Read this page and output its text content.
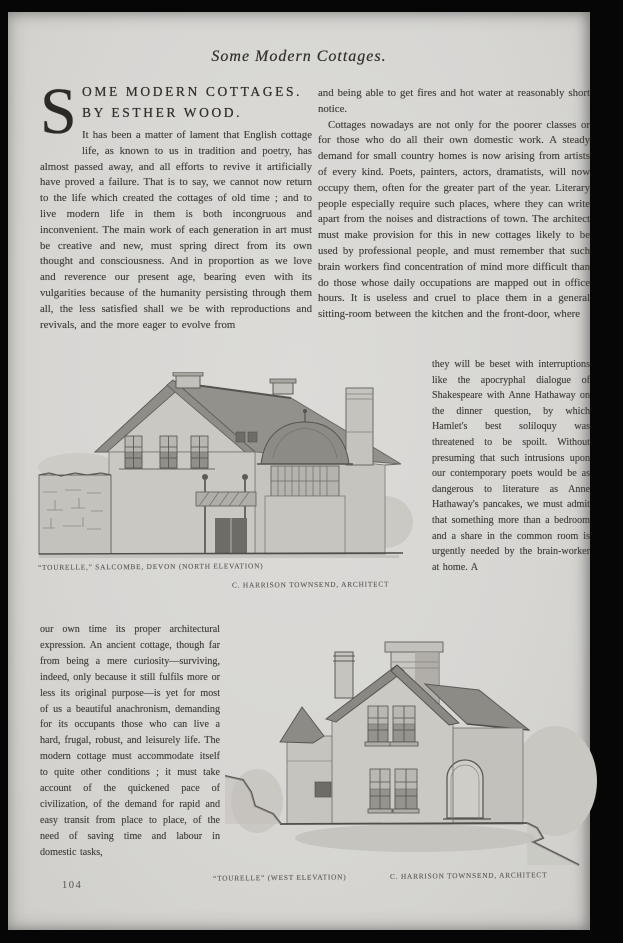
Some Modern Cottages.
S OME MODERN COTTAGES.
BY ESTHER WOOD.

It has been a matter of lament that English cottage life, as known to us in tradition and poetry, has almost passed away, and all efforts to revive it artificially have proved a failure. That is to say, we cannot now return to the life which created the cottages of old time ; and to live modern life in them is both incongruous and inconvenient. The main work of each generation in art must be creative and new, must spring direct from its own thought and consciousness. And in proportion as we love and reverence our present age, bearing even with its vulgarities because of the humanity persisting through them all, the less satisfied shall we be with reproductions and revivals, and the more eager to evolve from

and being able to get fires and hot water at reasonably short notice.

Cottages nowadays are not only for the poorer classes or for those who do all their own domestic work. A steady demand for small country homes is now arising from artists of every kind. Poets, painters, actors, dramatists, will now occupy them, often for the greater part of the year. Literary people especially require such places, where they can write apart from the noises and distractions of town. The architect must make provision for this in new cottages likely to be used by professional people, and must remember that such brain workers find concentration of mind more difficult than do those whose daily occupations are mapped out in office hours. It is useless and cruel to place them in a general sitting-room between the kitchen and the front-door, where

“TOURELLE,” SALCOMBE, DEVON (NORTH ELEVATION)
C. HARRISON TOWNSEND, ARCHITECT

they will be beset with interruptions like the apocryphal dialogue of Shakespeare with Anne Hathaway on the dinner question, by which Hamlet's best soliloquy was threatened to be spoilt. Without presuming that such intrusions upon our contemporary poets would be as dangerous to literature as Anne Hathaway's pancakes, we must admit that something more than a bedroom and a share in the common room is urgently needed by the brain-worker at home. A

our own time its proper architectural expression. An ancient cottage, though far from being a mere curiosity—surviving, indeed, only because it still fulfils more or less its original purpose—is yet for most of us a beautiful anachronism, demanding for its occupants those who can live a hard, frugal, robust, and leisurely life. The modern cottage must accommodate itself to quite other conditions ; it must take account of the quickened pace of civilization, of the demand for rapid and easy transit from place to place, of the need of saving time and labour in domestic tasks,

“TOURELLE” (WEST ELEVATION)	C. HARRISON TOWNSEND, ARCHITECT
104
